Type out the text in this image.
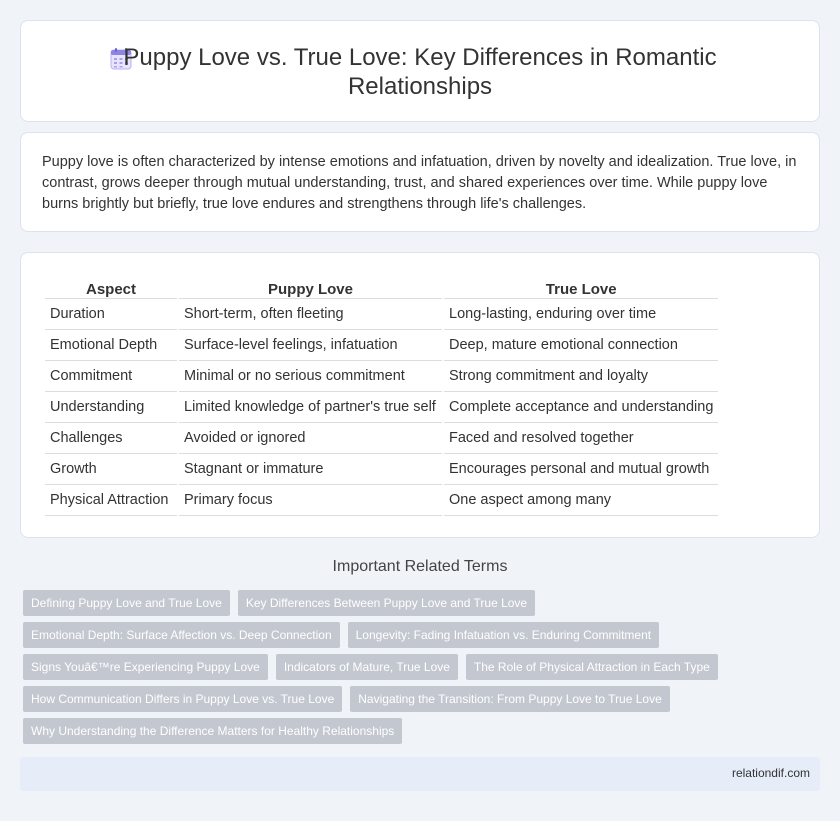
Puppy Love vs. True Love: Key Differences in Romantic Relationships

Puppy love is often characterized by intense emotions and infatuation, driven by novelty and idealization. True love, in contrast, grows deeper through mutual understanding, trust, and shared experiences over time. While puppy love burns brightly but briefly, true love endures and strengthens through life's challenges.

Aspect	Puppy Love	True Love
Duration	Short-term, often fleeting	Long-lasting, enduring over time
Emotional Depth	Surface-level feelings, infatuation	Deep, mature emotional connection
Commitment	Minimal or no serious commitment	Strong commitment and loyalty
Understanding	Limited knowledge of partner's true self	Complete acceptance and understanding
Challenges	Avoided or ignored	Faced and resolved together
Growth	Stagnant or immature	Encourages personal and mutual growth
Physical Attraction	Primary focus	One aspect among many
Important Related Terms
Defining Puppy Love and True Love	Key Differences Between Puppy Love and True Love
Emotional Depth: Surface Affection vs. Deep Connection	Longevity: Fading Infatuation vs. Enduring Commitment
Signs Youâ€™re Experiencing Puppy Love	Indicators of Mature, True Love	The Role of Physical Attraction in Each Type
How Communication Differs in Puppy Love vs. True Love	Navigating the Transition: From Puppy Love to True Love
Why Understanding the Difference Matters for Healthy Relationships
relationdif.com
